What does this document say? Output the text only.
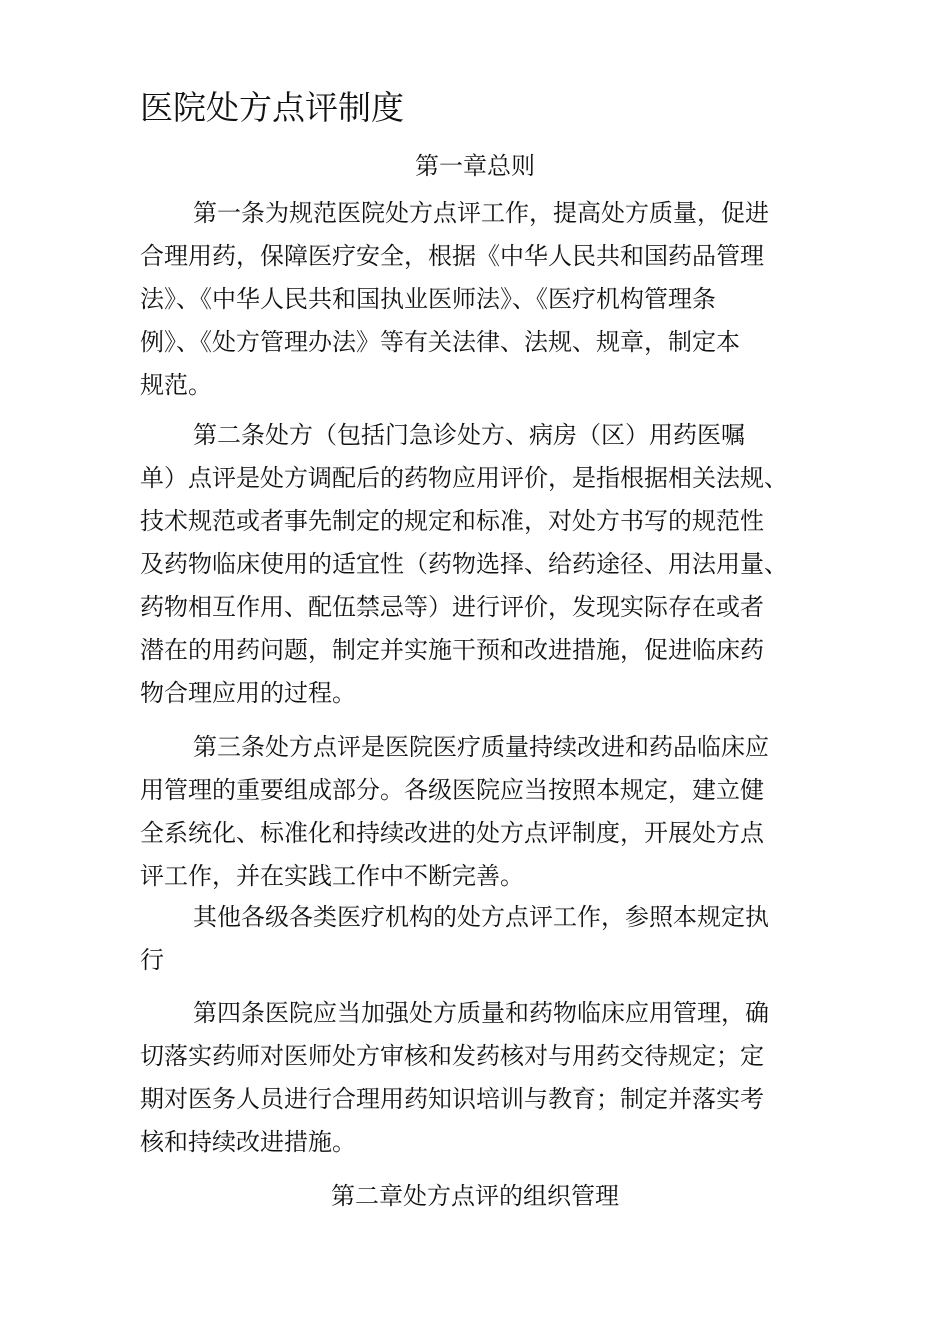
医院处方点评制度
第一章总则

第一条为规范医院处方点评工作，提高处方质量，促进
合理用药，保障医疗安全，根据《中华人民共和国药品管理
法》、《中华人民共和国执业医师法》、《医疗机构管理条
例》、《处方管理办法》等有关法律、法规、规章，制定本
规范。

第二条处方（包括门急诊处方、病房（区）用药医嘱
单）点评是处方调配后的药物应用评价，是指根据相关法规、
技术规范或者事先制定的规定和标准，对处方书写的规范性
及药物临床使用的适宜性（药物选择、给药途径、用法用量、
药物相互作用、配伍禁忌等）进行评价，发现实际存在或者
潜在的用药问题，制定并实施干预和改进措施，促进临床药
物合理应用的过程。

第三条处方点评是医院医疗质量持续改进和药品临床应
用管理的重要组成部分。各级医院应当按照本规定，建立健
全系统化、标准化和持续改进的处方点评制度，开展处方点
评工作，并在实践工作中不断完善。

其他各级各类医疗机构的处方点评工作，参照本规定执
行

第四条医院应当加强处方质量和药物临床应用管理，确
切落实药师对医师处方审核和发药核对与用药交待规定；定
期对医务人员进行合理用药知识培训与教育；制定并落实考
核和持续改进措施。

第二章处方点评的组织管理
